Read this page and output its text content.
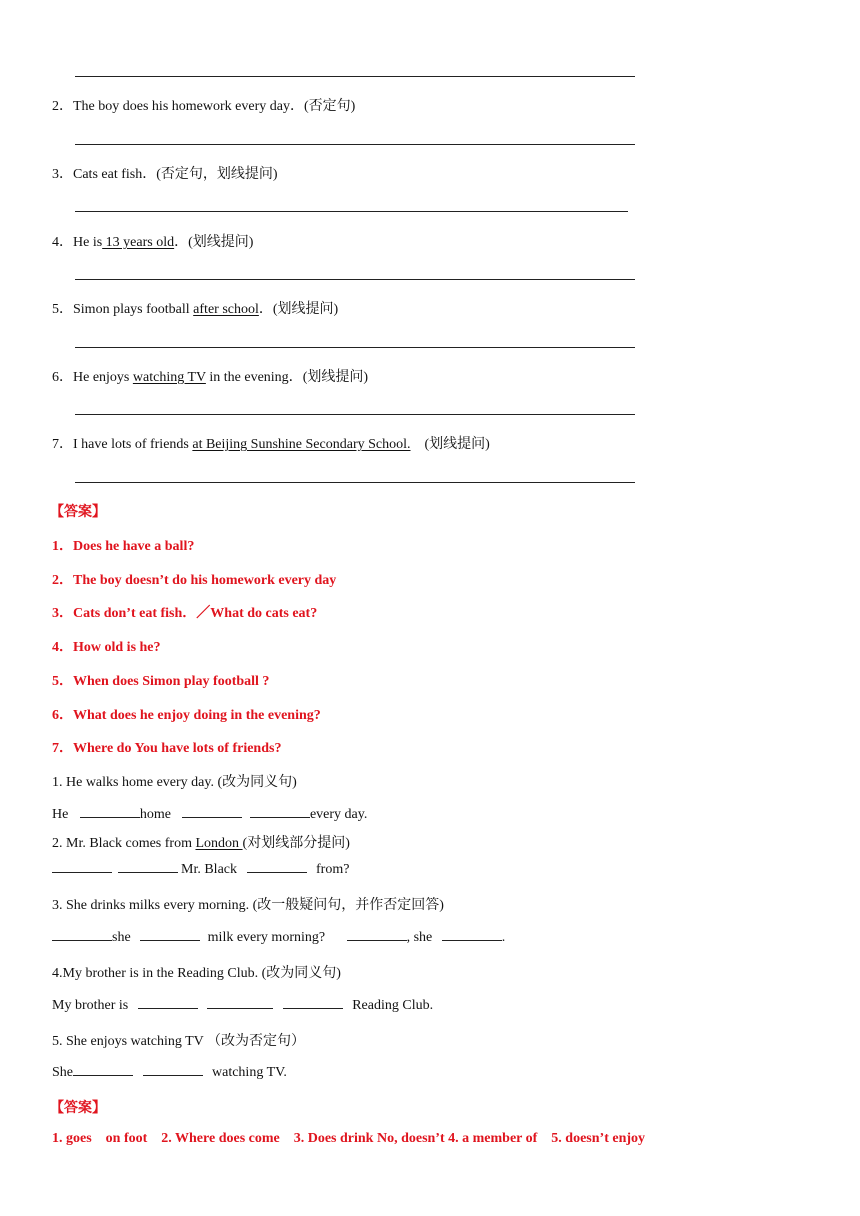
2．The boy does his homework every day．(否定句)
3．Cats eat fish．(否定句，划线提问)
4．He is 13 years old．(划线提问)
5．Simon plays football after school．(划线提问)
6．He enjoys watching TV in the evening．(划线提问)
7．I have lots of friends at Beijing Sunshine Secondary School. (划线提问)
【答案】
1．Does he have a ball?
2．The boy doesn’t do his homework every day
3．Cats don’t eat fish．／What do cats eat?
4．How old is he?
5．When does Simon play football ?
6．What does he enjoy doing in the evening?
7．Where do You have lots of friends?
1. He walks home every day. (改为同义句)
He	home	every day.
2. Mr. Black comes from London (对划线部分提问)
Mr. Black	from?
3. She drinks milks every morning. (改一般疑问句，并作否定回答)
she	milk every morning?	, she	.
4.My brother is in the Reading Club. (改为同义句)
My brother is	Reading Club.
5. She enjoys watching TV （改为否定句）
She	watching TV.
【答案】
1. goes    on foot    2. Where does come    3. Does drink No, doesn’t 4. a member of    5. doesn’t enjoy
